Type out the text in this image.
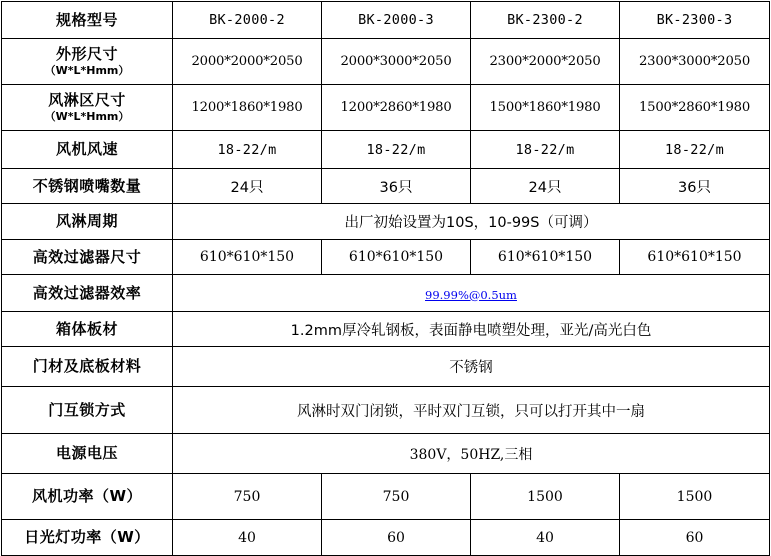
规格型号	BK-2000-2	BK-2000-3	BK-2300-2	BK-2300-3

外形尺寸
（W*L*Hmm）	2000*2000*2050	2000*3000*2050	2300*2000*2050	2300*3000*2050

风淋区尺寸
（W*L*Hmm）	1200*1860*1980	1200*2860*1980	1500*1860*1980	1500*2860*1980

风机风速	18-22/m	18-22/m	18-22/m	18-22/m

不锈钢喷嘴数量	24只	36只	24只	36只

风淋周期	出厂初始设置为10S，10-99S（可调）			

高效过滤器尺寸	610*610*150	610*610*150	610*610*150	610*610*150

高效过滤器效率	99.99%@0.5um			

箱体板材	1.2mm厚冷轧钢板，表面静电喷塑处理，亚光/高光白色			

门材及底板材料	不锈钢			

门互锁方式	风淋时双门闭锁，平时双门互锁，只可以打开其中一扇			

电源电压	380V，50HZ,三相			

风机功率（W）	750	750	1500	1500

日光灯功率（W）	40	60	40	60
